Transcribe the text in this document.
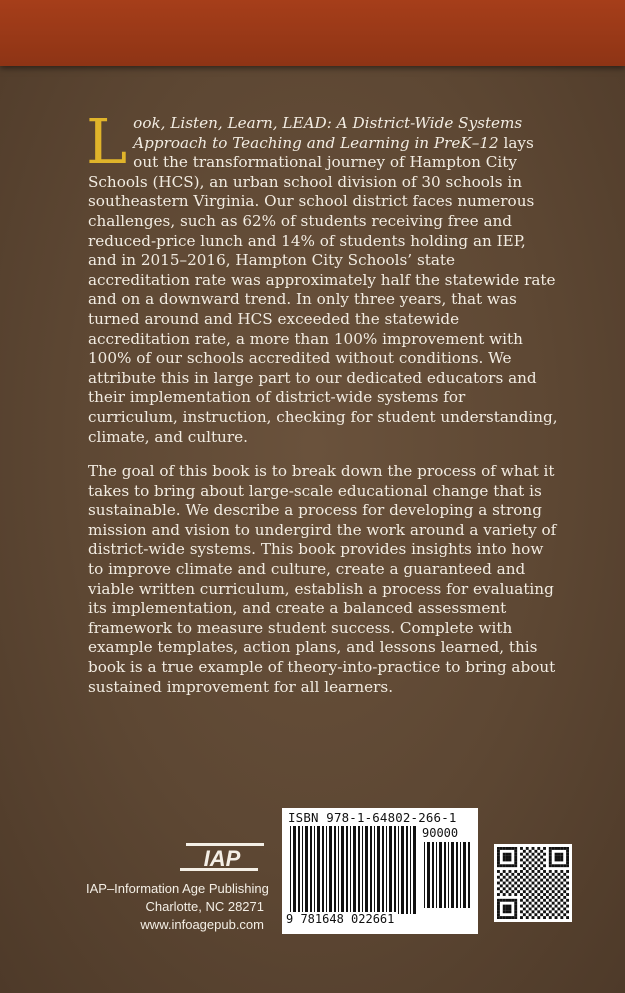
Look, Listen, Learn, LEAD: A District-Wide Systems Approach to Teaching and Learning in PreK–12 lays out the transformational journey of Hampton City Schools (HCS), an urban school division of 30 schools in southeastern Virginia. Our school district faces numerous challenges, such as 62% of students receiving free and reduced-price lunch and 14% of students holding an IEP, and in 2015–2016, Hampton City Schools’ state accreditation rate was approximately half the statewide rate and on a downward trend. In only three years, that was turned around and HCS exceeded the statewide accreditation rate, a more than 100% improvement with 100% of our schools accredited without conditions. We attribute this in large part to our dedicated educators and their implementation of district-wide systems for curriculum, instruction, checking for student understanding, climate, and culture.

The goal of this book is to break down the process of what it takes to bring about large-scale educational change that is sustainable. We describe a process for developing a strong mission and vision to undergird the work around a variety of district-wide systems. This book provides insights into how to improve climate and culture, create a guaranteed and viable written curriculum, establish a process for evaluating its implementation, and create a balanced assessment framework to measure student success. Complete with example templates, action plans, and lessons learned, this book is a true example of theory-into-practice to bring about sustained improvement for all learners.

IAP
IAP–Information Age Publishing
Charlotte, NC 28271
www.infoagepub.com
ISBN 978-1-64802-266-1
90000
9 781648 022661
